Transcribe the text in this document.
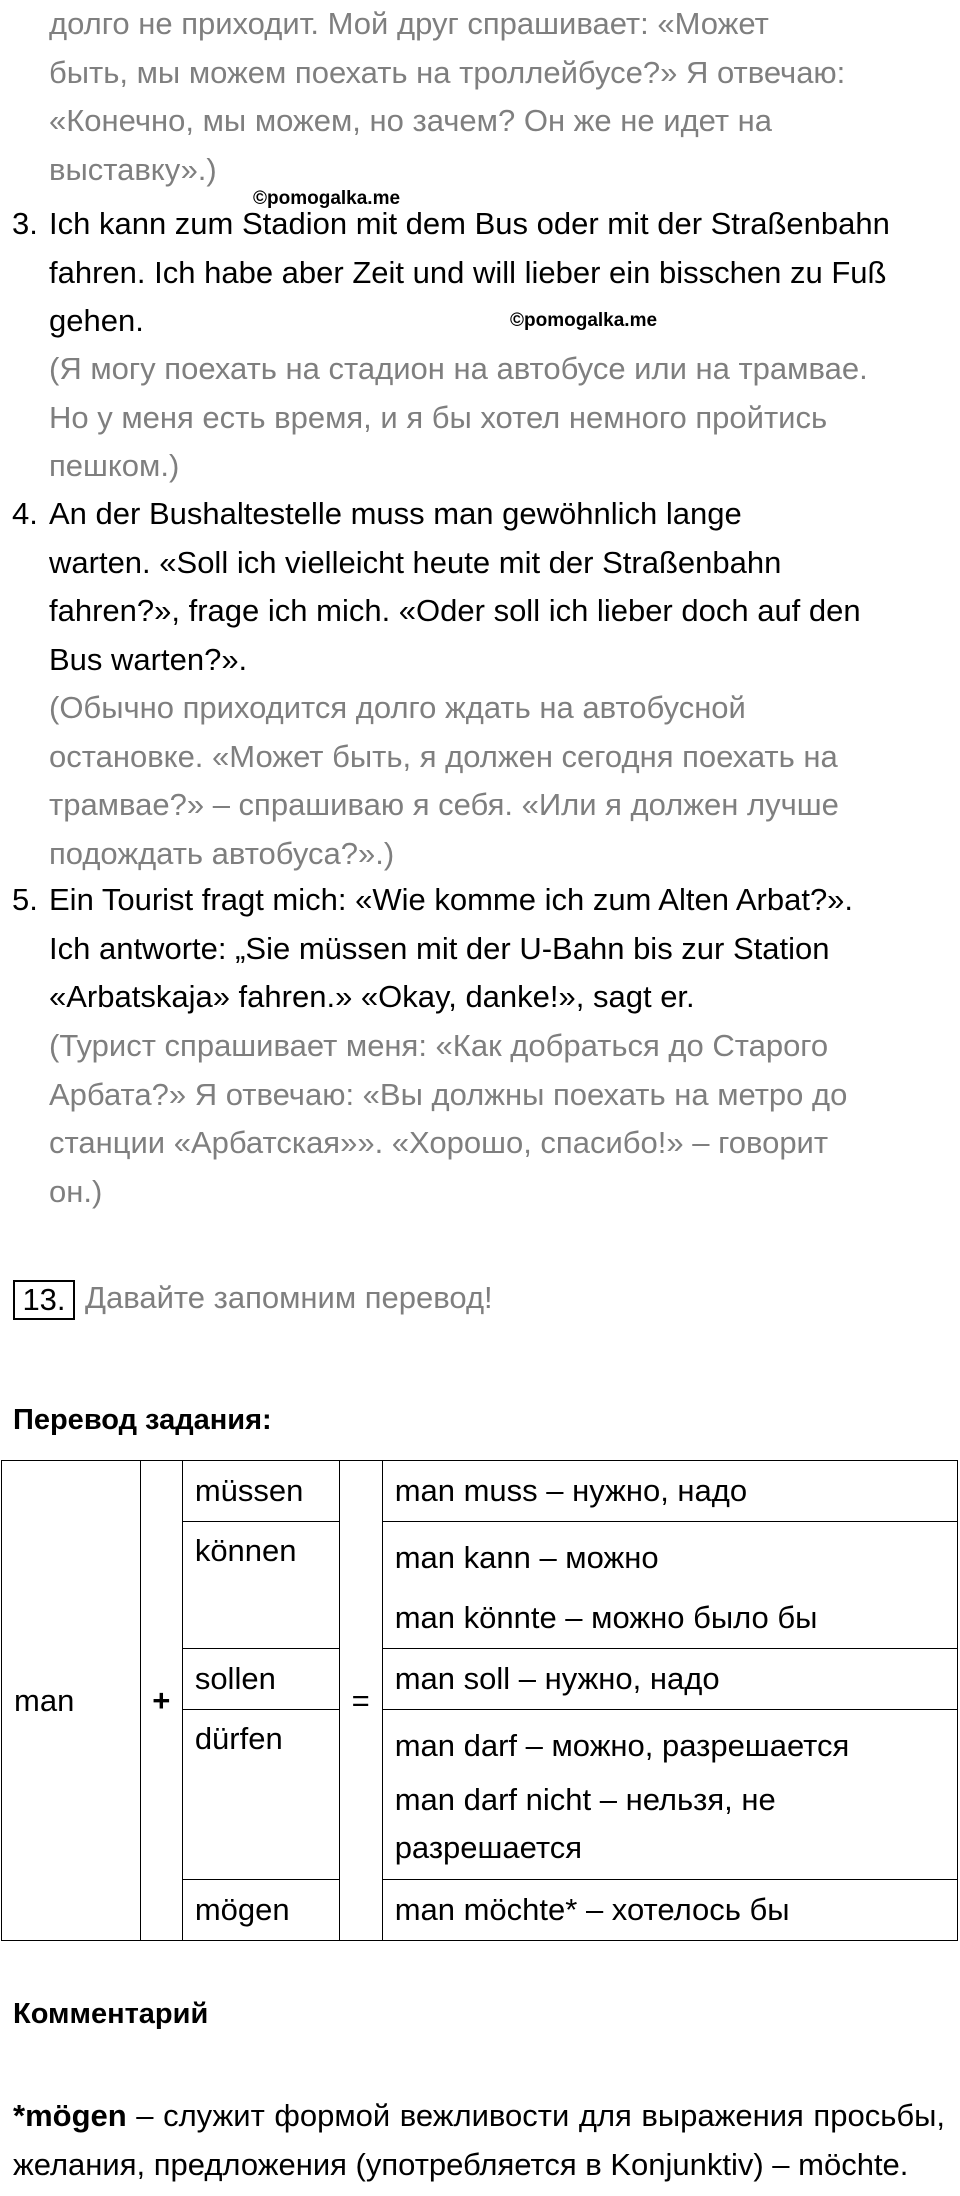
долго не приходит. Мой друг спрашивает: «Может
быть, мы можем поехать на троллейбусе?» Я отвечаю:
«Конечно, мы можем, но зачем? Он же не идет на
выставку».)

©pomogalka.me
3. Ich kann zum Stadion mit dem Bus oder mit der Straßenbahn
fahren. Ich habe aber Zeit und will lieber ein bisschen zu Fuß
gehen.	©pomogalka.me

(Я могу поехать на стадион на автобусе или на трамвае.
Но у меня есть время, и я бы хотел немного пройтись
пешком.)

4. An der Bushaltestelle muss man gewöhnlich lange
warten. «Soll ich vielleicht heute mit der Straßenbahn
fahren?», frage ich mich. «Oder soll ich lieber doch auf den
Bus warten?».

(Обычно приходится долго ждать на автобусной
остановке. «Может быть, я должен сегодня поехать на
трамвае?» – спрашиваю я себя. «Или я должен лучше
подождать автобуса?».)

5. Ein Tourist fragt mich: «Wie komme ich zum Alten Arbat?».
Ich antworte: „Sie müssen mit der U-Bahn bis zur Station
«Arbatskaja» fahren.» «Okay, danke!», sagt er.

(Турист спрашивает меня: «Как добраться до Старого
Арбата?» Я отвечаю: «Вы должны поехать на метро до
станции «Арбатская»». «Хорошо, спасибо!» – говорит
он.)

13. Давайте запомним перевод!
Перевод задания:
man	+	müssen	=	man muss – нужно, надо
		können		man kann – можно
man könnte – можно было бы
		sollen		man soll – нужно, надо
		dürfen		man darf – можно, разрешается
man darf nicht – нельзя, не разрешается

		mögen		man möchte* – хотелось бы
Комментарий

*mögen – служит формой вежливости для выражения просьбы, желания, предложения (употребляется в Konjunktiv) – möchte.
